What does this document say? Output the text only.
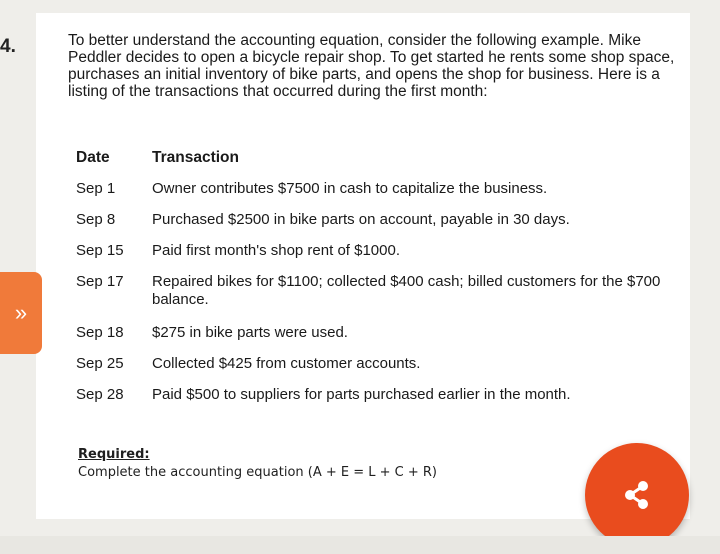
4.	To better understand the accounting equation, consider the following example. Mike Peddler decides to open a bicycle repair shop. To get started he rents some shop space, purchases an initial inventory of bike parts, and opens the shop for business. Here is a listing of the transactions that occurred during the first month:
Date	Transaction
Sep 1	Owner contributes $7500 in cash to capitalize the business.
Sep 8	Purchased $2500 in bike parts on account, payable in 30 days.
Sep 15	Paid first month's shop rent of $1000.
Sep 17	Repaired bikes for $1100; collected $400 cash; billed customers for the $700 balance.
Sep 18	$275 in bike parts were used.
Sep 25	Collected $425 from customer accounts.
Sep 28	Paid $500 to suppliers for parts purchased earlier in the month.
Required:
Complete the accounting equation (A + E = L + C + R)
»
